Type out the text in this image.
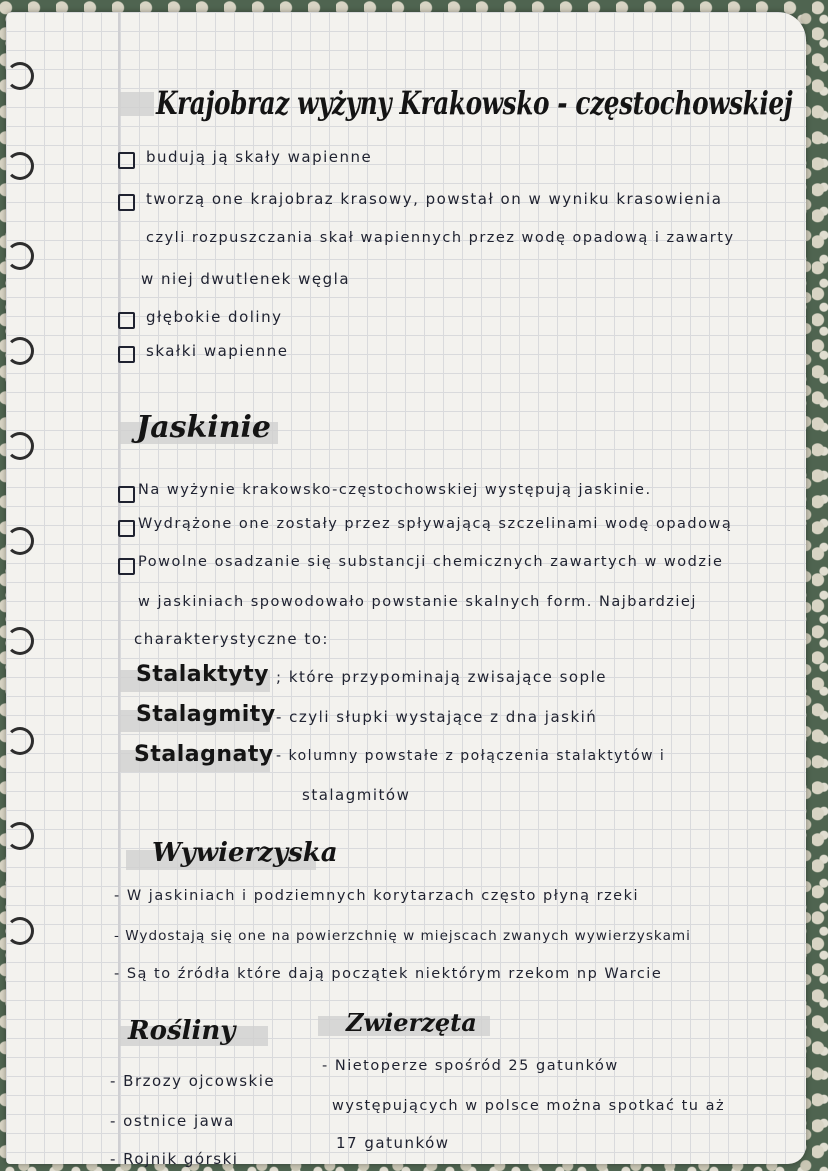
Krajobraz wyżyny Krakowsko - częstochowskiej
budują ją skały wapienne
tworzą one krajobraz krasowy, powstał on w wyniku krasowienia
czyli rozpuszczania skał wapiennych przez wodę opadową i zawarty
w niej dwutlenek węgla
głębokie doliny
skałki wapienne
Jaskinie
Na wyżynie krakowsko-częstochowskiej występują jaskinie.
Wydrążone one zostały przez spływającą szczelinami wodę opadową
Powolne osadzanie się substancji chemicznych zawartych w wodzie
w jaskiniach spowodowało powstanie skalnych form. Najbardziej
charakterystyczne to:
Stalaktyty ; które przypominają zwisające sople
Stalagmity - czyli słupki wystające z dna jaskiń
Stalagnaty - kolumny powstałe z połączenia stalaktytów i
stalagmitów
Wywierzyska
- W jaskiniach i podziemnych korytarzach często płyną rzeki
- Wydostają się one na powierzchnię w miejscach zwanych wywierzyskami
- Są to źródła które dają początek niektórym rzekom np Warcie
Rośliny
- Brzozy ojcowskie
- ostnice jawa
- Rojnik górski
Zwierzęta
- Nietoperze spośród 25 gatunków
występujących w polsce można spotkać tu aż
17 gatunków
